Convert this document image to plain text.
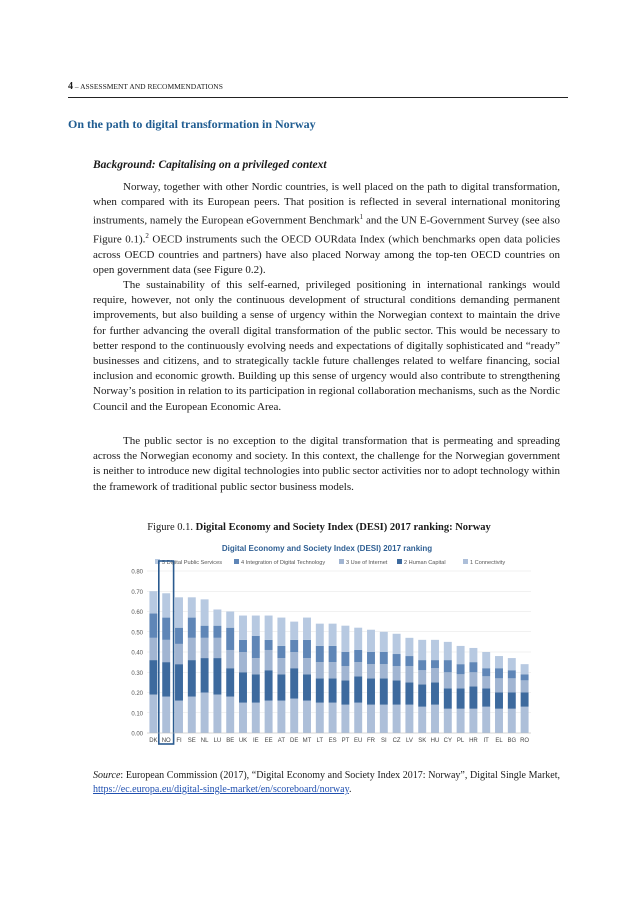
4 – ASSESSMENT AND RECOMMENDATIONS
On the path to digital transformation in Norway
Background: Capitalising on a privileged context

Norway, together with other Nordic countries, is well placed on the path to digital transformation, when compared with its European peers. That position is reflected in several international monitoring instruments, namely the European eGovernment Benchmark$^1$ and the UN E-Government Survey (see also Figure 0.1).$^2$ OECD instruments such the OECD OURdata Index (which benchmarks open data policies across OECD countries and partners) have also placed Norway among the top-ten OECD countries on open government data (see Figure 0.2).

The sustainability of this self-earned, privileged positioning in international rankings would require, however, not only the continuous development of structural conditions demanding permanent improvements, but also building a sense of urgency within the Norwegian context to maintain the drive for further advancing the overall digital transformation of the public sector. This would be necessary to better respond to the continuously evolving needs and expectations of digitally sophisticated and “ready” businesses and citizens, and to strategically tackle future challenges related to welfare financing, social inclusion and economic growth. Building up this sense of urgency would also contribute to strengthening Norway’s position in relation to its participation in regional collaboration mechanisms, such as the Nordic Council and the European Economic Area.

The public sector is no exception to the digital transformation that is permeating and spreading across the Norwegian economy and society. In this context, the challenge for the Norwegian government is neither to introduce new digital technologies into public sector activities nor to adopt technology within the framework of traditional public sector business models.

Figure 0.1. Digital Economy and Society Index (DESI) 2017 ranking: Norway
Digital Economy and Society Index (DESI) 2017 ranking
0.00
0.10
0.20
0.30
0.40
0.50
0.60
0.70
0.80
5 Digital Public Services	4 Integration of Digital Technology	3 Use of Internet	2 Human Capital	1 Connectivity
DK NO FI SE NL LU BE UK IE EE AT DE MT LT ES PT EU FR SI CZ LV SK HU CY PL HR IT EL BG RO
Source: European Commission (2017), “Digital Economy and Society Index 2017: Norway”, Digital Single Market, https://ec.europa.eu/digital-single-market/en/scoreboard/norway.
